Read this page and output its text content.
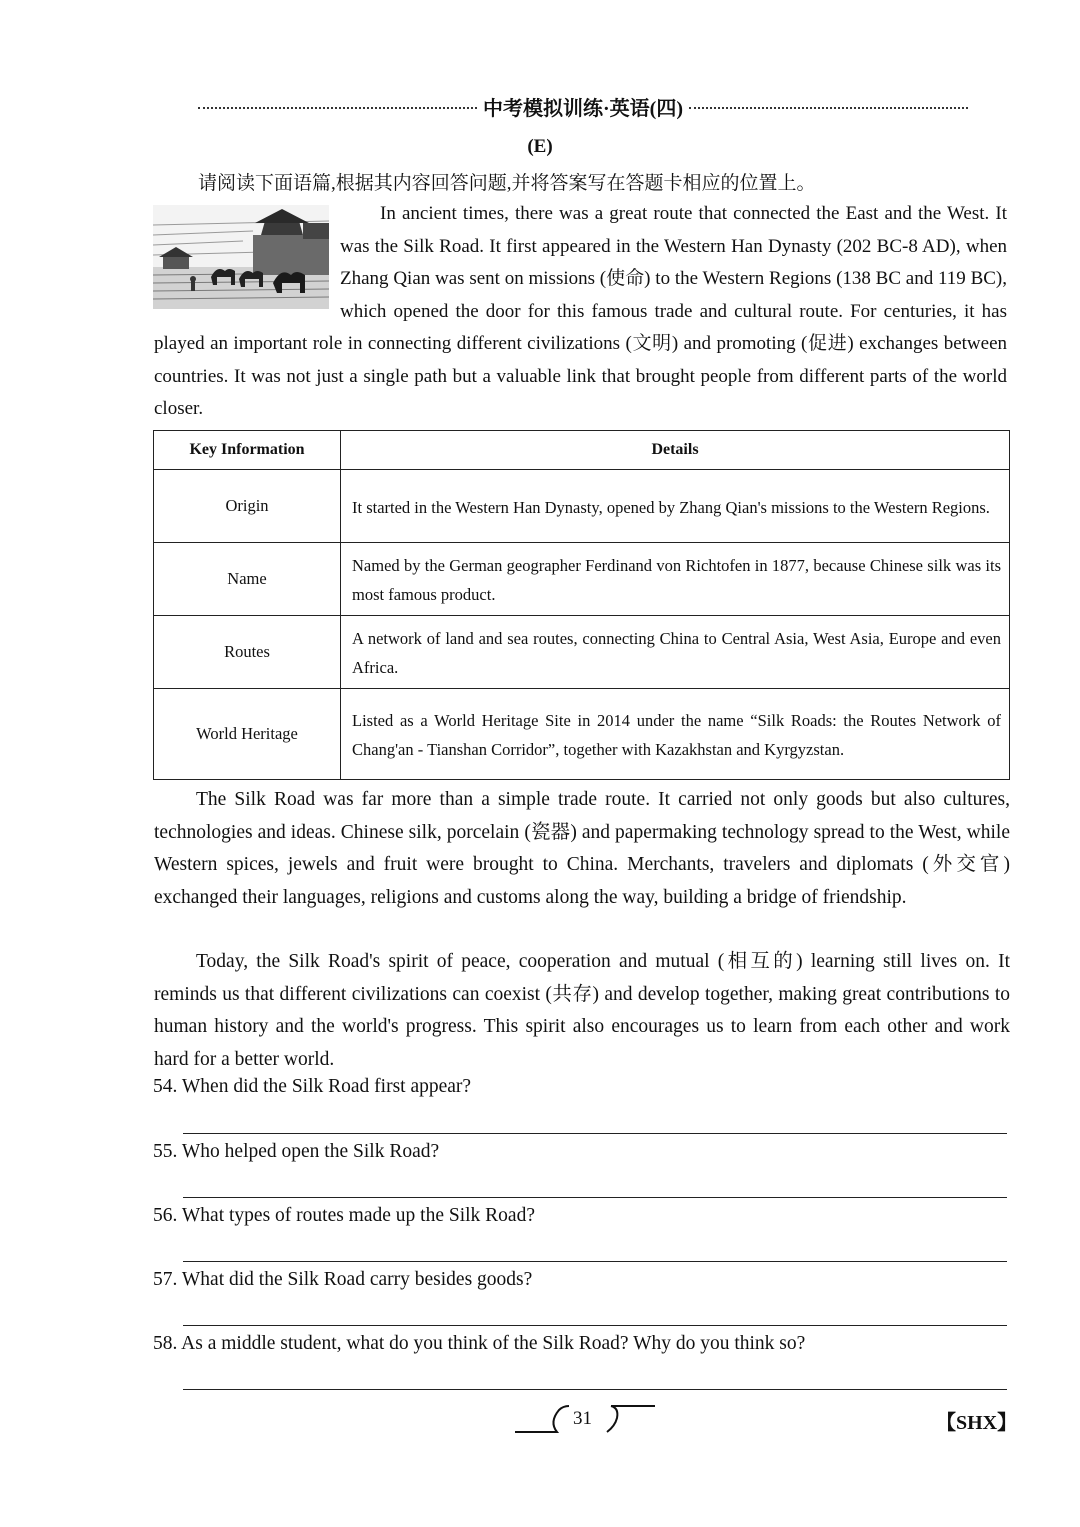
中考模拟训练·英语(四)
(E)
请阅读下面语篇,根据其内容回答问题,并将答案写在答题卡相应的位置上。
In ancient times, there was a great route that connected the East and the West. It was the Silk Road. It first appeared in the Western Han Dynasty (202 BC-8 AD), when Zhang Qian was sent on missions (使命) to the Western Regions (138 BC and 119 BC), which opened the door for this famous trade and cultural route. For centuries, it has played an important role in connecting different civilizations (文明) and promoting (促进) exchanges between countries. It was not just a single path but a valuable link that brought people from different parts of the world closer.
Key Information	Details
Origin	It started in the Western Han Dynasty, opened by Zhang Qian's missions to the Western Regions.
Name	Named by the German geographer Ferdinand von Richtofen in 1877, because Chinese silk was its most famous product.
Routes	A network of land and sea routes, connecting China to Central Asia, West Asia, Europe and even Africa.
World Heritage	Listed as a World Heritage Site in 2014 under the name “Silk Roads: the Routes Network of Chang'an - Tianshan Corridor”, together with Kazakhstan and Kyrgyzstan.

The Silk Road was far more than a simple trade route. It carried not only goods but also cultures, technologies and ideas. Chinese silk, porcelain (瓷器) and papermaking technology spread to the West, while Western spices, jewels and fruit were brought to China. Merchants, travelers and diplomats (外交官) exchanged their languages, religions and customs along the way, building a bridge of friendship.

Today, the Silk Road's spirit of peace, cooperation and mutual (相互的) learning still lives on. It reminds us that different civilizations can coexist (共存) and develop together, making great contributions to human history and the world's progress. This spirit also encourages us to learn from each other and work hard for a better world.

54. When did the Silk Road first appear?
55. Who helped open the Silk Road?
56. What types of routes made up the Silk Road?
57. What did the Silk Road carry besides goods?
58. As a middle student, what do you think of the Silk Road? Why do you think so?
31	【SHX】
